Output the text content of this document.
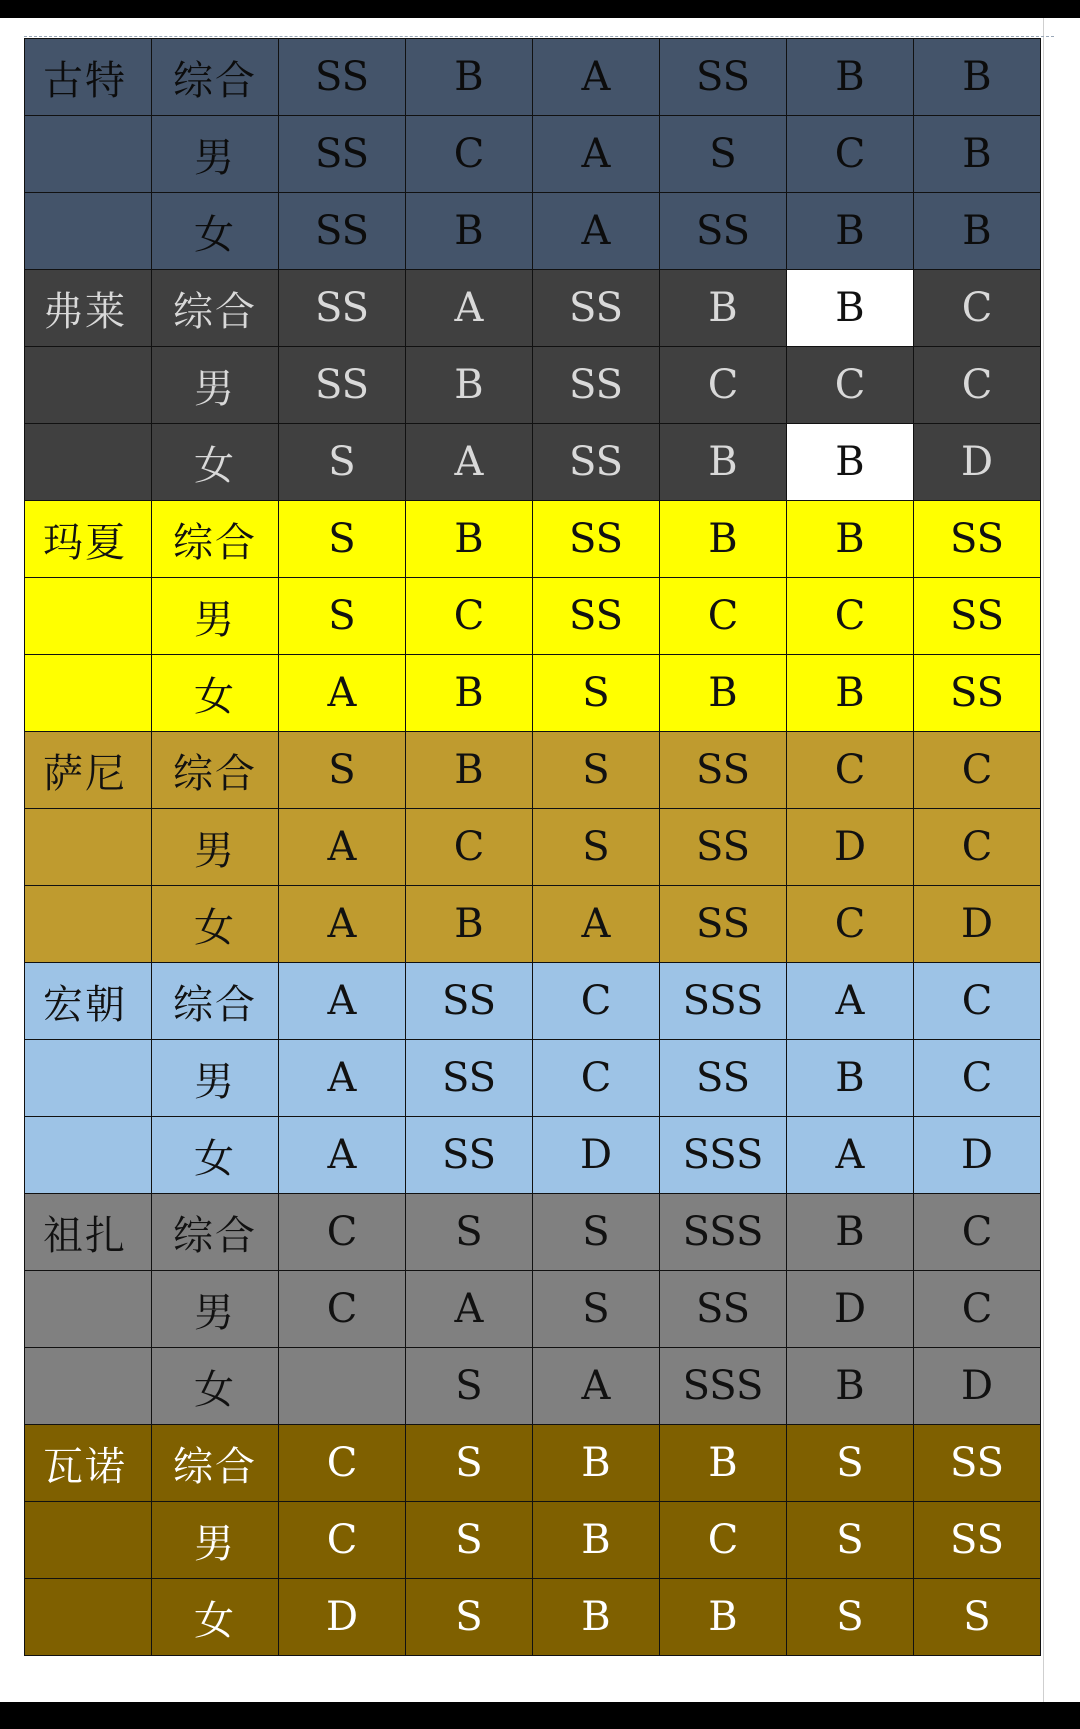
古特	综合	SS	B	A	SS	B	B
	男	SS	C	A	S	C	B
	女	SS	B	A	SS	B	B
弗莱	综合	SS	A	SS	B	B	C
	男	SS	B	SS	C	C	C
	女	S	A	SS	B	B	D
玛夏	综合	S	B	SS	B	B	SS
	男	S	C	SS	C	C	SS
	女	A	B	S	B	B	SS
萨尼	综合	S	B	S	SS	C	C
	男	A	C	S	SS	D	C
	女	A	B	A	SS	C	D
宏朝	综合	A	SS	C	SSS	A	C
	男	A	SS	C	SS	B	C
	女	A	SS	D	SSS	A	D
祖扎	综合	C	S	S	SSS	B	C
	男	C	A	S	SS	D	C
	女		S	A	SSS	B	D
瓦诺	综合	C	S	B	B	S	SS
	男	C	S	B	C	S	SS
	女	D	S	B	B	S	S
